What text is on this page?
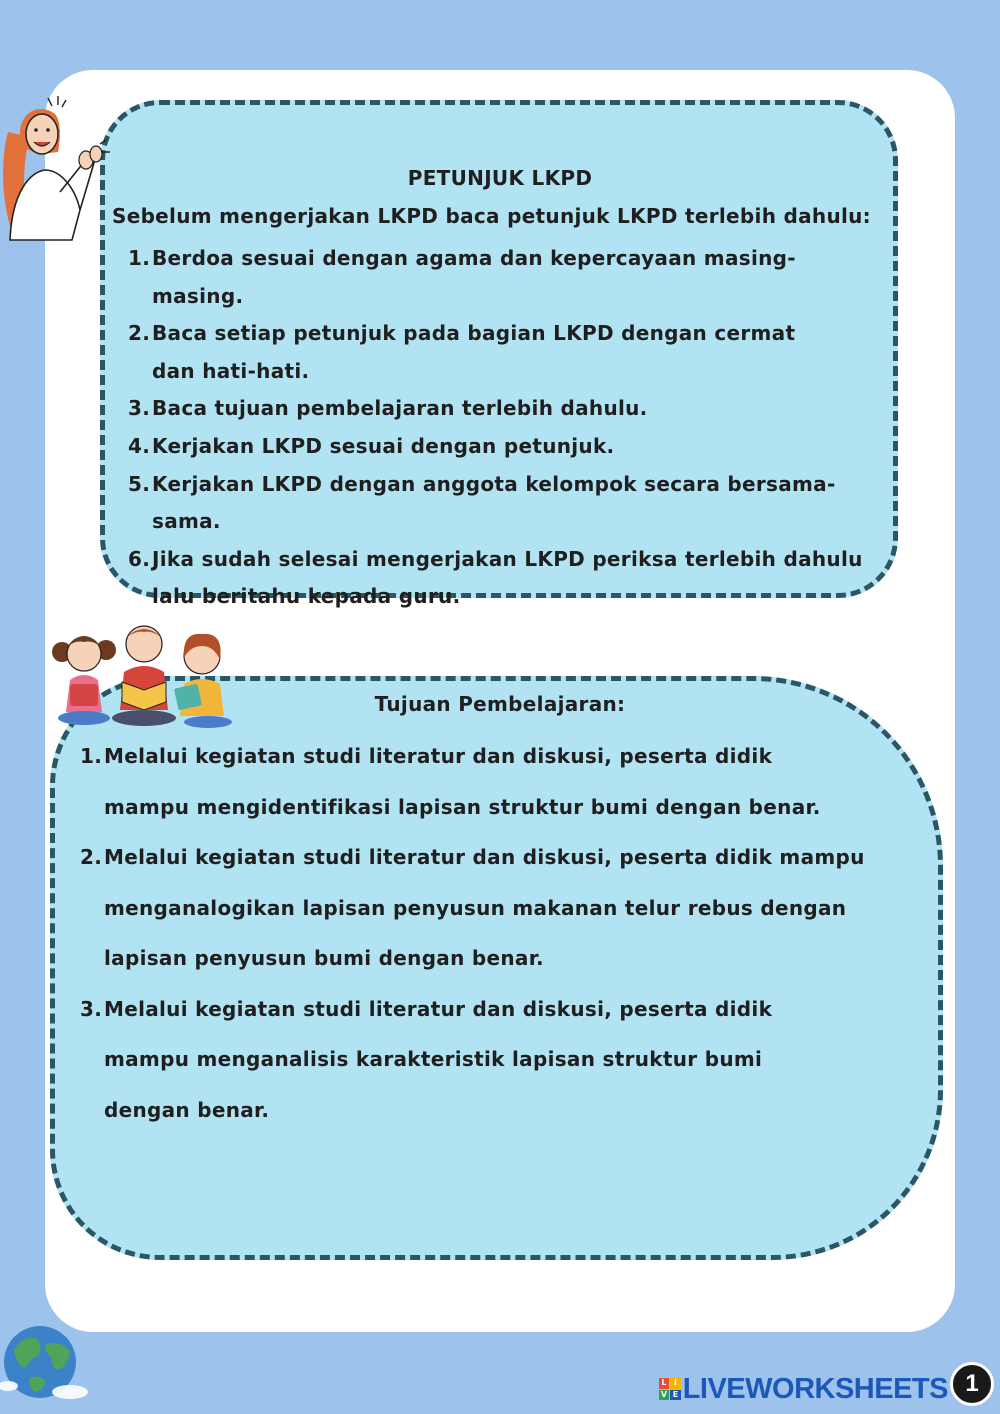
PETUNJUK LKPD
Sebelum mengerjakan LKPD baca petunjuk LKPD terlebih dahulu:
1. Berdoa sesuai dengan agama dan kepercayaan masing-masing.
2. Baca setiap petunjuk pada bagian LKPD dengan cermat dan hati-hati.
3. Baca tujuan pembelajaran terlebih dahulu.
4. Kerjakan LKPD sesuai dengan petunjuk.
5. Kerjakan LKPD dengan anggota kelompok secara bersama-sama.
6. Jika sudah selesai mengerjakan LKPD periksa terlebih dahulu lalu beritahu kepada guru.
Tujuan Pembelajaran:
1. Melalui kegiatan studi literatur dan diskusi, peserta didik mampu mengidentifikasi lapisan struktur bumi dengan benar.
2. Melalui kegiatan studi literatur dan diskusi, peserta didik mampu menganalogikan lapisan penyusun makanan telur rebus dengan lapisan penyusun bumi dengan benar.
3. Melalui kegiatan studi literatur dan diskusi, peserta didik mampu menganalisis karakteristik lapisan struktur bumi dengan benar.
L I
V E LIVEWORKSHEETS 1
